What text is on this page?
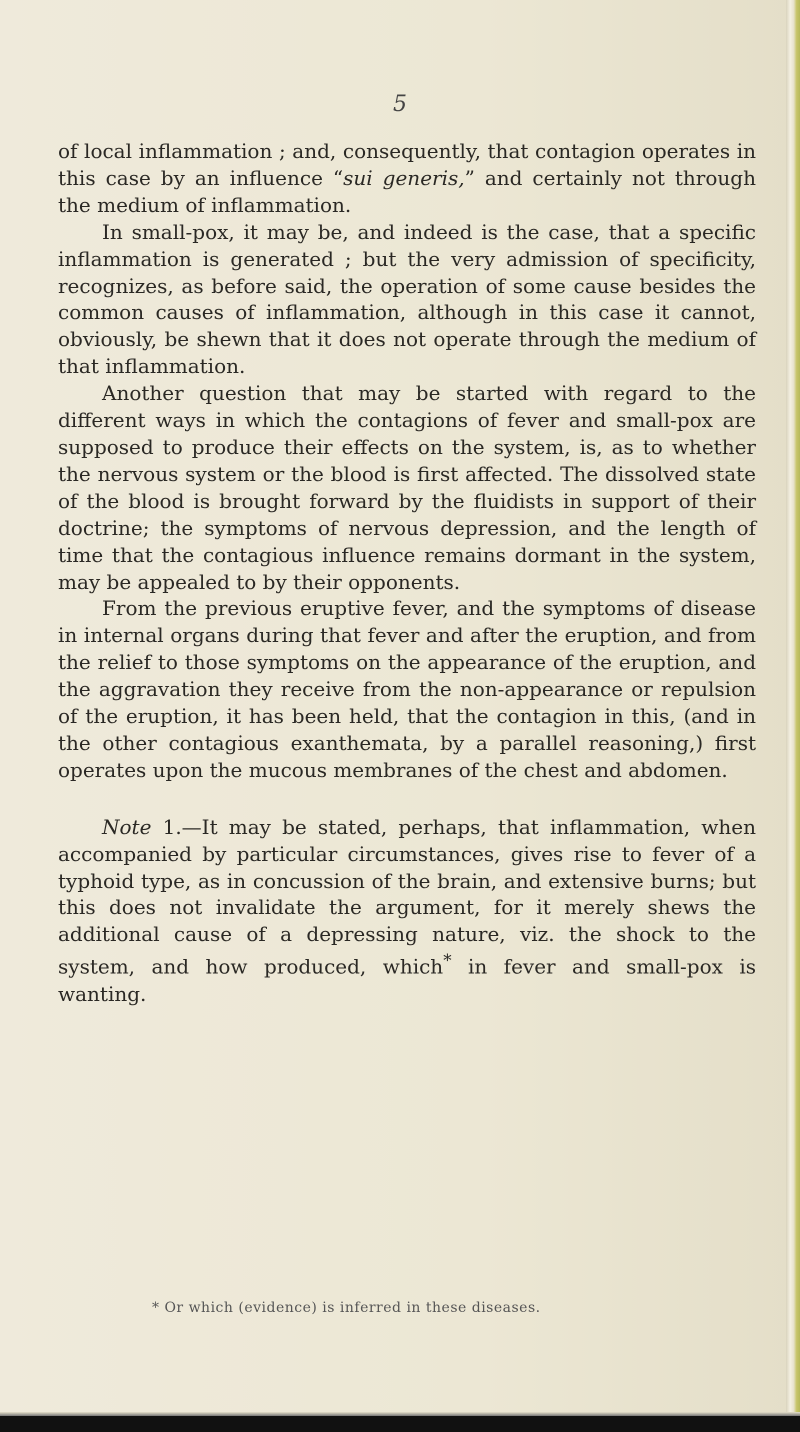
5

of local inflammation ; and, consequently, that contagion operates in this case by an influence “sui generis,” and certainly not through the medium of inflammation.

In small-pox, it may be, and indeed is the case, that a specific inflammation is generated ; but the very admission of specificity, recognizes, as before said, the operation of some cause besides the common causes of inflammation, although in this case it cannot, obviously, be shewn that it does not operate through the medium of that inflammation.

Another question that may be started with regard to the different ways in which the contagions of fever and small-pox are supposed to produce their effects on the system, is, as to whether the nervous system or the blood is first affected. The dissolved state of the blood is brought forward by the fluidists in support of their doctrine; the symptoms of nervous depression, and the length of time that the contagious influence remains dormant in the system, may be appealed to by their opponents.

From the previous eruptive fever, and the symptoms of disease in internal organs during that fever and after the eruption, and from the relief to those symptoms on the appearance of the eruption, and the aggravation they receive from the non-appearance or repulsion of the eruption, it has been held, that the contagion in this, (and in the other contagious exanthemata, by a parallel reasoning,) first operates upon the mucous membranes of the chest and abdomen.

Note 1.—It may be stated, perhaps, that inflammation, when accompanied by particular circumstances, gives rise to fever of a typhoid type, as in concussion of the brain, and extensive burns; but this does not invalidate the argument, for it merely shews the additional cause of a depressing nature, viz. the shock to the system, and how produced, which* in fever and small-pox is wanting.

* Or which (evidence) is inferred in these diseases.
